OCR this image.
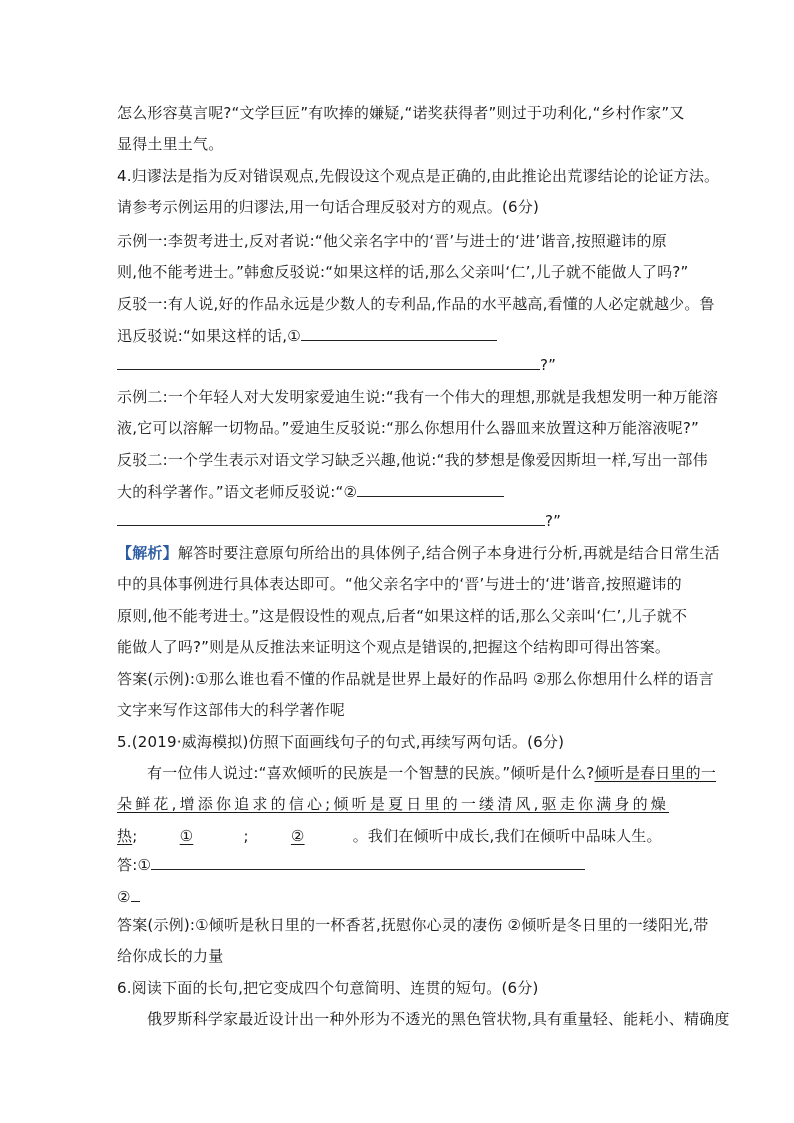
怎么形容莫言呢?“文学巨匠”有吹捧的嫌疑,“诺奖获得者”则过于功利化,“乡村作家”又
显得土里土气。
4.归谬法是指为反对错误观点,先假设这个观点是正确的,由此推论出荒谬结论的论证方法。
请参考示例运用的归谬法,用一句话合理反驳对方的观点。(6分)
示例一:李贺考进士,反对者说:“他父亲名字中的‘晋’与进士的‘进’谐音,按照避讳的原
则,他不能考进士。”韩愈反驳说:“如果这样的话,那么父亲叫‘仁’,儿子就不能做人了吗?”
反驳一:有人说,好的作品永远是少数人的专利品,作品的水平越高,看懂的人必定就越少。鲁
迅反驳说:“如果这样的话,①
?”
示例二:一个年轻人对大发明家爱迪生说:“我有一个伟大的理想,那就是我想发明一种万能溶
液,它可以溶解一切物品。”爱迪生反驳说:“那么你想用什么器皿来放置这种万能溶液呢?”
反驳二:一个学生表示对语文学习缺乏兴趣,他说:“我的梦想是像爱因斯坦一样,写出一部伟
大的科学著作。”语文老师反驳说:“②
?”
【解析】解答时要注意原句所给出的具体例子,结合例子本身进行分析,再就是结合日常生活
中的具体事例进行具体表达即可。“他父亲名字中的‘晋’与进士的‘进’谐音,按照避讳的
原则,他不能考进士。”这是假设性的观点,后者“如果这样的话,那么父亲叫‘仁’,儿子就不
能做人了吗?”则是从反推法来证明这个观点是错误的,把握这个结构即可得出答案。
答案(示例):①那么谁也看不懂的作品就是世界上最好的作品吗 ②那么你想用什么样的语言
文字来写作这部伟大的科学著作呢
5.(2019·威海模拟)仿照下面画线句子的句式,再续写两句话。(6分)
有一位伟人说过:“喜欢倾听的民族是一个智慧的民族。”倾听是什么?倾听是春日里的一
朵鲜花,增添你追求的信心;倾听是夏日里的一缕清风,驱走你满身的燥
热;	①	;	②	。我们在倾听中成长,我们在倾听中品味人生。
答:①
②
答案(示例):①倾听是秋日里的一杯香茗,抚慰你心灵的凄伤 ②倾听是冬日里的一缕阳光,带
给你成长的力量
6.阅读下面的长句,把它变成四个句意简明、连贯的短句。(6分)
俄罗斯科学家最近设计出一种外形为不透光的黑色管状物,具有重量轻、能耗小、精确度
